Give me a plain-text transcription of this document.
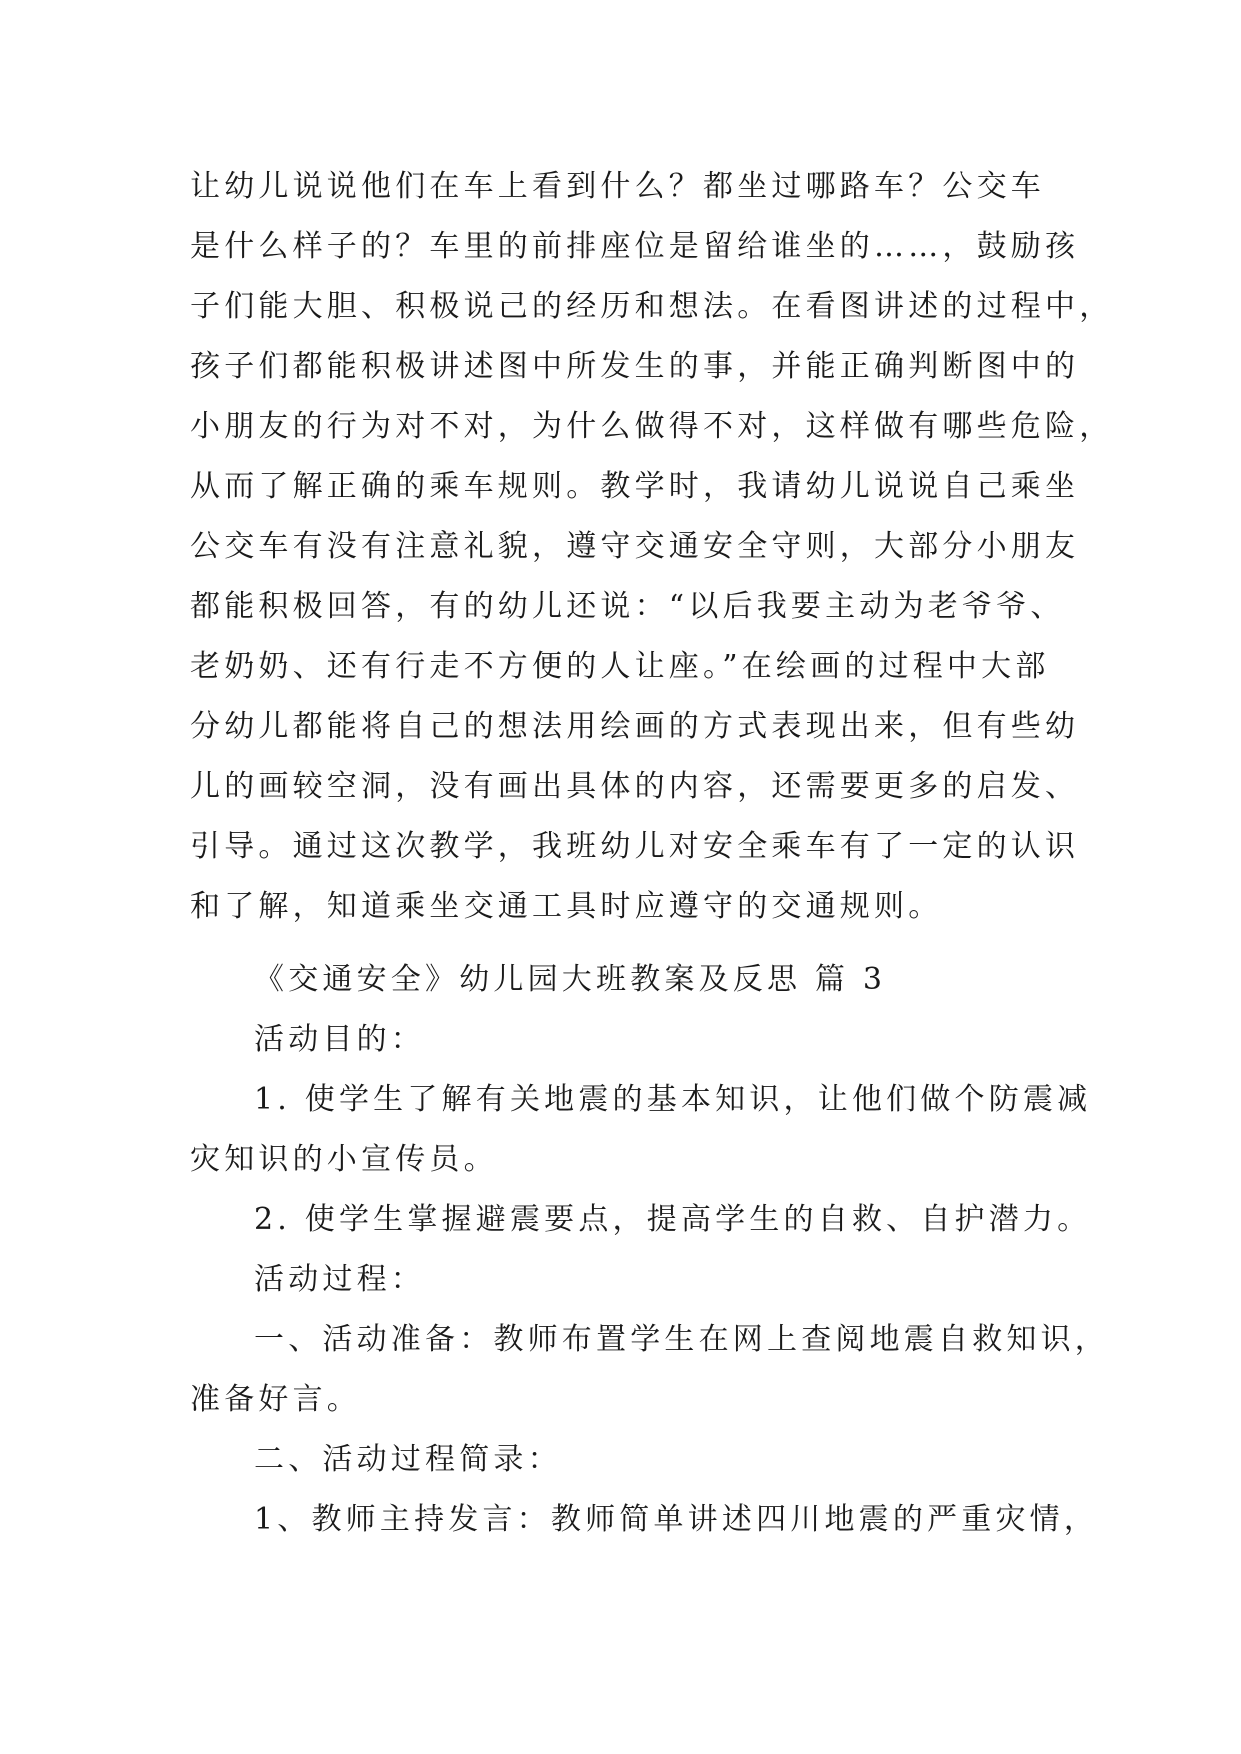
让幼儿说说他们在车上看到什么？都坐过哪路车？公交车
是什么样子的？车里的前排座位是留给谁坐的……，鼓励孩
子们能大胆、积极说己的经历和想法。在看图讲述的过程中，
孩子们都能积极讲述图中所发生的事，并能正确判断图中的
小朋友的行为对不对，为什么做得不对，这样做有哪些危险，
从而了解正确的乘车规则。教学时，我请幼儿说说自己乘坐
公交车有没有注意礼貌，遵守交通安全守则，大部分小朋友
都能积极回答，有的幼儿还说：“以后我要主动为老爷爷、
老奶奶、还有行走不方便的人让座。”在绘画的过程中大部
分幼儿都能将自己的想法用绘画的方式表现出来，但有些幼
儿的画较空洞，没有画出具体的内容，还需要更多的启发、
引导。通过这次教学，我班幼儿对安全乘车有了一定的认识
和了解，知道乘坐交通工具时应遵守的交通规则。
《交通安全》幼儿园大班教案及反思 篇 3
活动目的：
1. 使学生了解有关地震的基本知识，让他们做个防震减
灾知识的小宣传员。
2. 使学生掌握避震要点，提高学生的自救、自护潜力。
活动过程：
一、活动准备：教师布置学生在网上查阅地震自救知识，
准备好言。
二、活动过程简录：
1、教师主持发言：教师简单讲述四川地震的严重灾情，
